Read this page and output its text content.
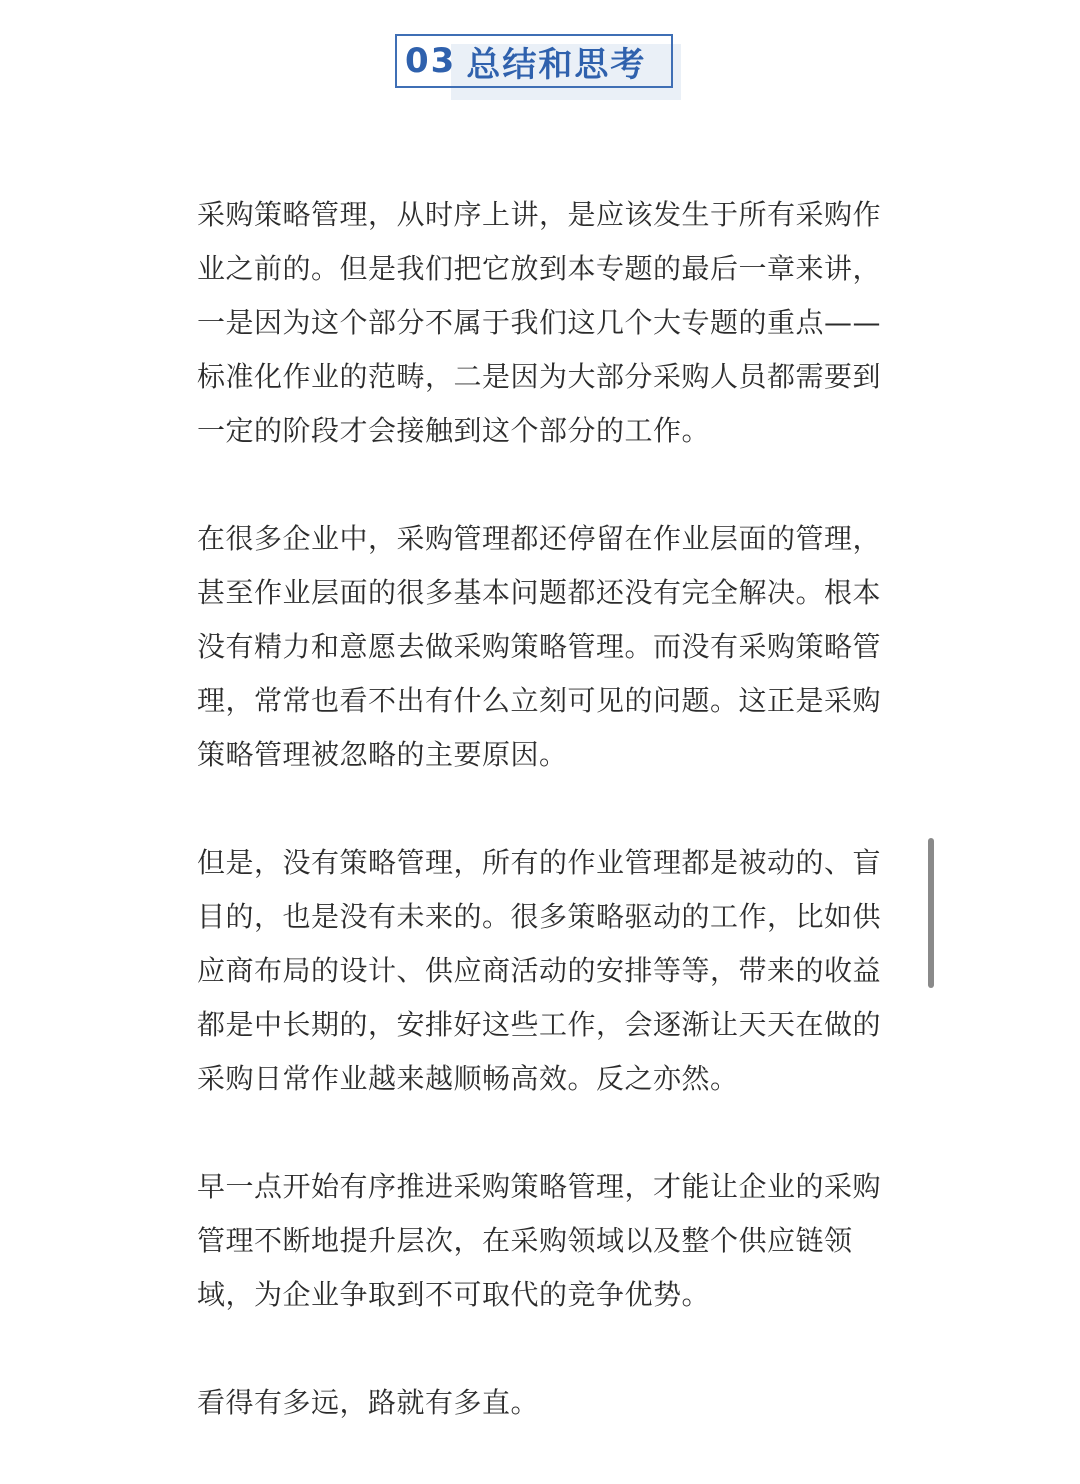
03 总结和思考

采购策略管理，从时序上讲，是应该发生于所有采购作
业之前的。但是我们把它放到本专题的最后一章来讲，
一是因为这个部分不属于我们这几个大专题的重点——
标准化作业的范畴，二是因为大部分采购人员都需要到
一定的阶段才会接触到这个部分的工作。

在很多企业中，采购管理都还停留在作业层面的管理，
甚至作业层面的很多基本问题都还没有完全解决。根本
没有精力和意愿去做采购策略管理。而没有采购策略管
理，常常也看不出有什么立刻可见的问题。这正是采购
策略管理被忽略的主要原因。

但是，没有策略管理，所有的作业管理都是被动的、盲
目的，也是没有未来的。很多策略驱动的工作，比如供
应商布局的设计、供应商活动的安排等等，带来的收益
都是中长期的，安排好这些工作，会逐渐让天天在做的
采购日常作业越来越顺畅高效。反之亦然。

早一点开始有序推进采购策略管理，才能让企业的采购
管理不断地提升层次，在采购领域以及整个供应链领
域，为企业争取到不可取代的竞争优势。

看得有多远，路就有多直。
